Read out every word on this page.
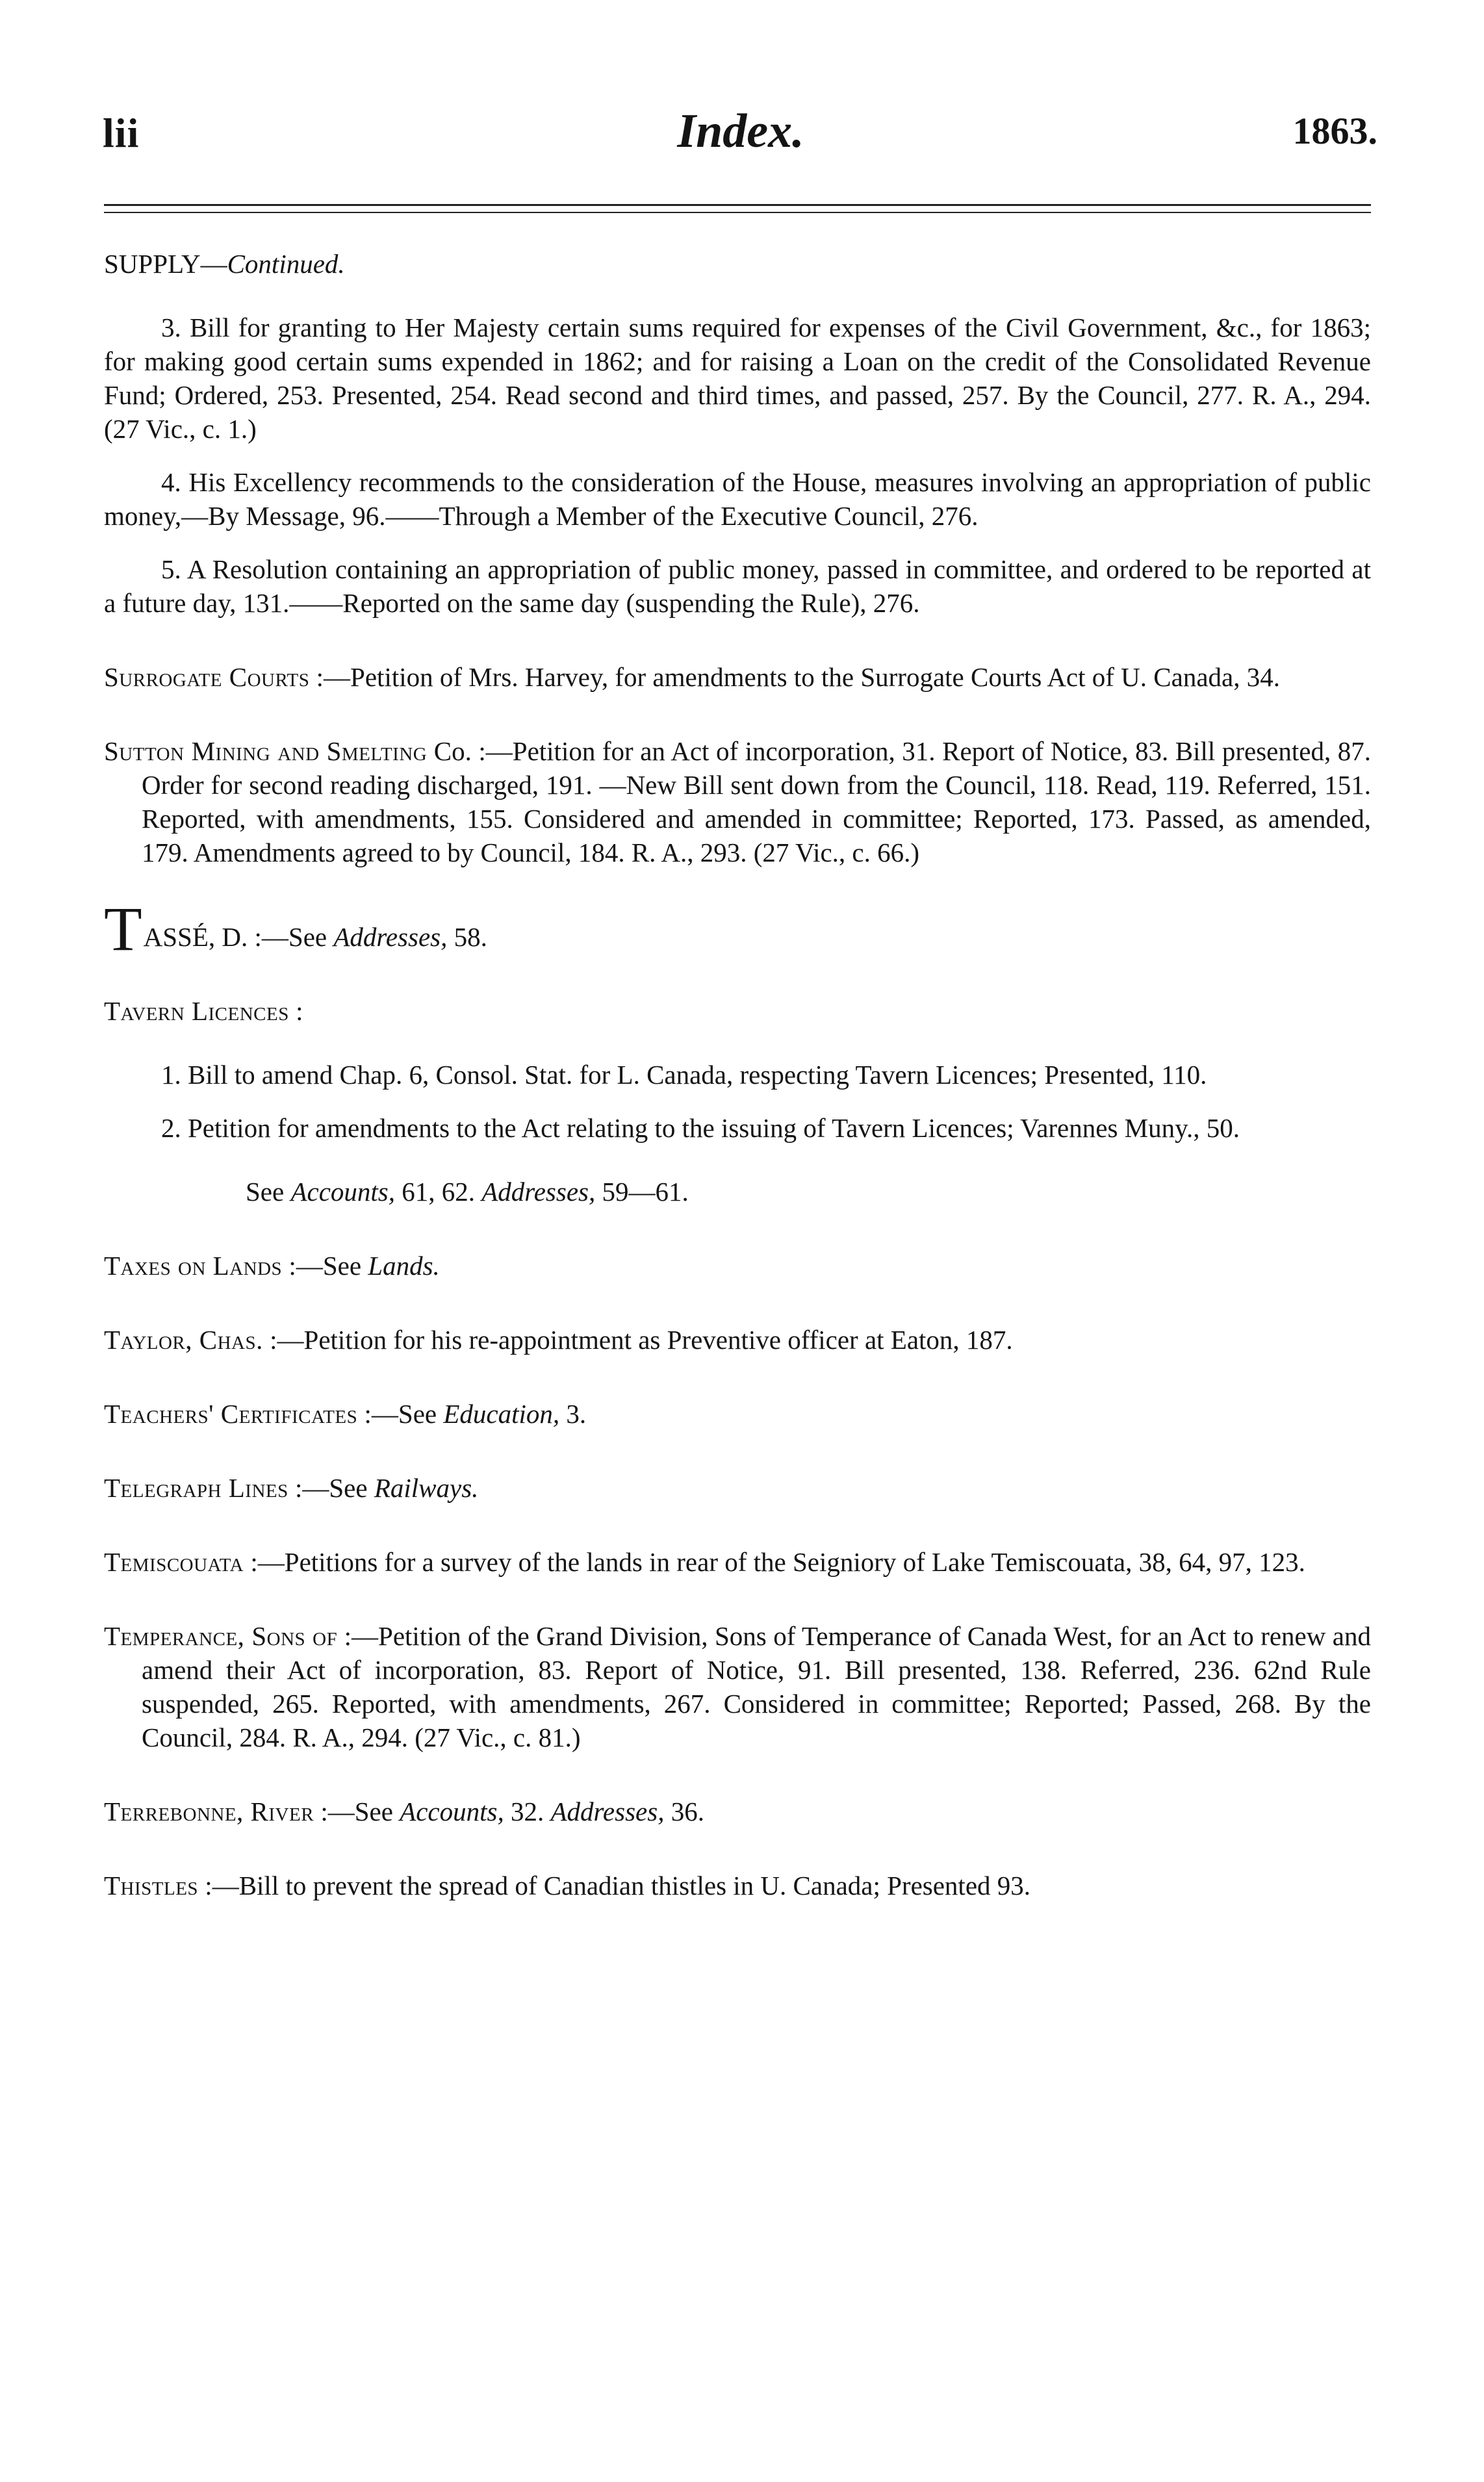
lii	Index.	1863.

SUPPLY—Continued.

3. Bill for granting to Her Majesty certain sums required for expenses of the Civil Government, &c., for 1863; for making good certain sums expended in 1862; and for raising a Loan on the credit of the Consolidated Revenue Fund; Ordered, 253. Presented, 254. Read second and third times, and passed, 257. By the Council, 277. R. A., 294. (27 Vic., c. 1.)

4. His Excellency recommends to the consideration of the House, measures involving an appropriation of public money,—By Message, 96.——Through a Member of the Executive Council, 276.

5. A Resolution containing an appropriation of public money, passed in committee, and ordered to be reported at a future day, 131.——Reported on the same day (suspending the Rule), 276.

Surrogate Courts :—Petition of Mrs. Harvey, for amendments to the Surrogate Courts Act of U. Canada, 34.

Sutton Mining and Smelting Co. :—Petition for an Act of incorporation, 31. Report of Notice, 83. Bill presented, 87. Order for second reading discharged, 191. —New Bill sent down from the Council, 118. Read, 119. Referred, 151. Reported, with amendments, 155. Considered and amended in committee; Reported, 173. Passed, as amended, 179. Amendments agreed to by Council, 184. R. A., 293. (27 Vic., c. 66.)

TASSÉ, D. :—See Addresses, 58.

Tavern Licences :

1. Bill to amend Chap. 6, Consol. Stat. for L. Canada, respecting Tavern Licences; Presented, 110.

2. Petition for amendments to the Act relating to the issuing of Tavern Licences; Varennes Muny., 50.

See Accounts, 61, 62. Addresses, 59—61.

Taxes on Lands :—See Lands.

Taylor, Chas. :—Petition for his re-appointment as Preventive officer at Eaton, 187.

Teachers' Certificates :—See Education, 3.

Telegraph Lines :—See Railways.

Temiscouata :—Petitions for a survey of the lands in rear of the Seigniory of Lake Temiscouata, 38, 64, 97, 123.

Temperance, Sons of :—Petition of the Grand Division, Sons of Temperance of Canada West, for an Act to renew and amend their Act of incorporation, 83. Report of Notice, 91. Bill presented, 138. Referred, 236. 62nd Rule suspended, 265. Reported, with amendments, 267. Considered in committee; Reported; Passed, 268. By the Council, 284. R. A., 294. (27 Vic., c. 81.)

Terrebonne, River :—See Accounts, 32. Addresses, 36.

Thistles :—Bill to prevent the spread of Canadian thistles in U. Canada; Presented 93.
